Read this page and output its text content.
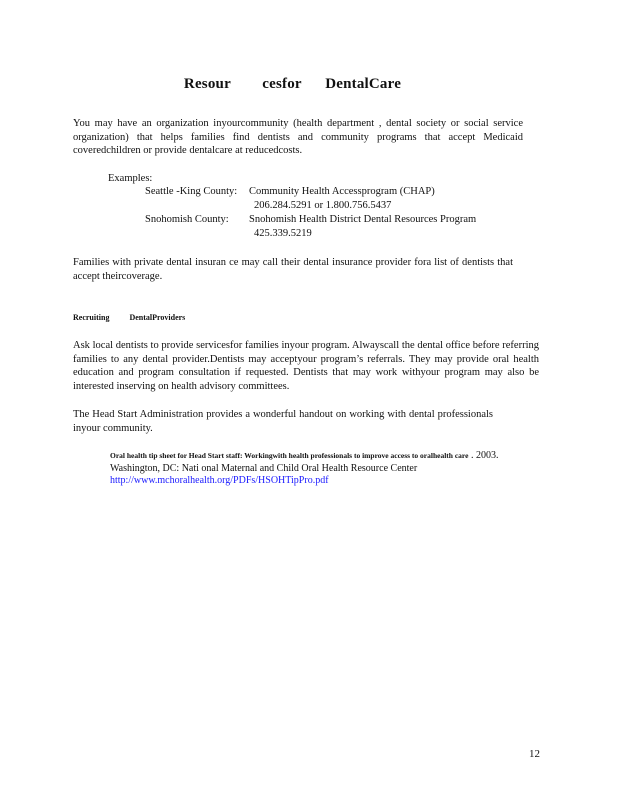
Resour        cesfor      DentalCare
You may have an organization inyourcommunity (health department , dental society or social service organization) that helps families find dentists and community programs that accept Medicaid coveredchildren or provide dentalcare at reducedcosts.
Examples:
Seattle -King County: Community Health Accessprogram (CHAP)
206.284.5291 or 1.800.756.5437
Snohomish County: Snohomish Health District Dental Resources Program
425.339.5219
Families with private dental insuran ce may call their dental insurance provider fora list of dentists that accept theircoverage.
Recruiting          DentalProviders
Ask local dentists to provide servicesfor families inyour program. Alwayscall the dental office before referring families to any dental provider.Dentists may acceptyour program’s referrals. They may provide oral health education and program consultation if requested. Dentists that may work withyour program may also be interested inserving on health advisory committees.
The Head Start Administration provides a wonderful handout on working with dental professionals inyour community.
Oral health tip sheet for Head Start staff: Workingwith health professionals to improve access to oralhealth care . 2003. Washington, DC: Nati onal Maternal and Child Oral Health Resource Center
http://www.mchoralhealth.org/PDFs/HSOHTipPro.pdf
12
